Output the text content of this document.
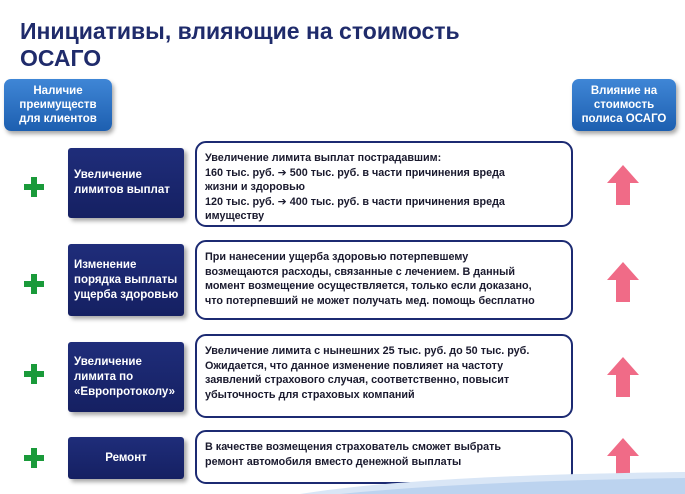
Инициативы, влияющие на стоимость
ОСАГО
Наличие
преимуществ
для клиентов
Влияние на
стоимость
полиса ОСАГО
Увеличение
лимитов выплат
Увеличение лимита выплат пострадавшим:
160 тыс. руб. ➔ 500 тыс. руб. в части причинения вреда
жизни и здоровью
120 тыс. руб. ➔ 400 тыс. руб. в части причинения вреда
имуществу
Изменение
порядка выплаты
ущерба здоровью
При нанесении ущерба здоровью потерпевшему
возмещаются расходы, связанные с лечением. В данный
момент возмещение осуществляется, только если доказано,
что потерпевший не может получать мед. помощь бесплатно
Увеличение
лимита по
«Европротоколу»
Увеличение лимита с нынешних 25 тыс. руб. до 50 тыс. руб.
Ожидается, что данное изменение повлияет на частоту
заявлений страхового случая, соответственно, повысит
убыточность для страховых компаний
Ремонт
В качестве возмещения страхователь сможет выбрать
ремонт автомобиля вместо денежной выплаты
